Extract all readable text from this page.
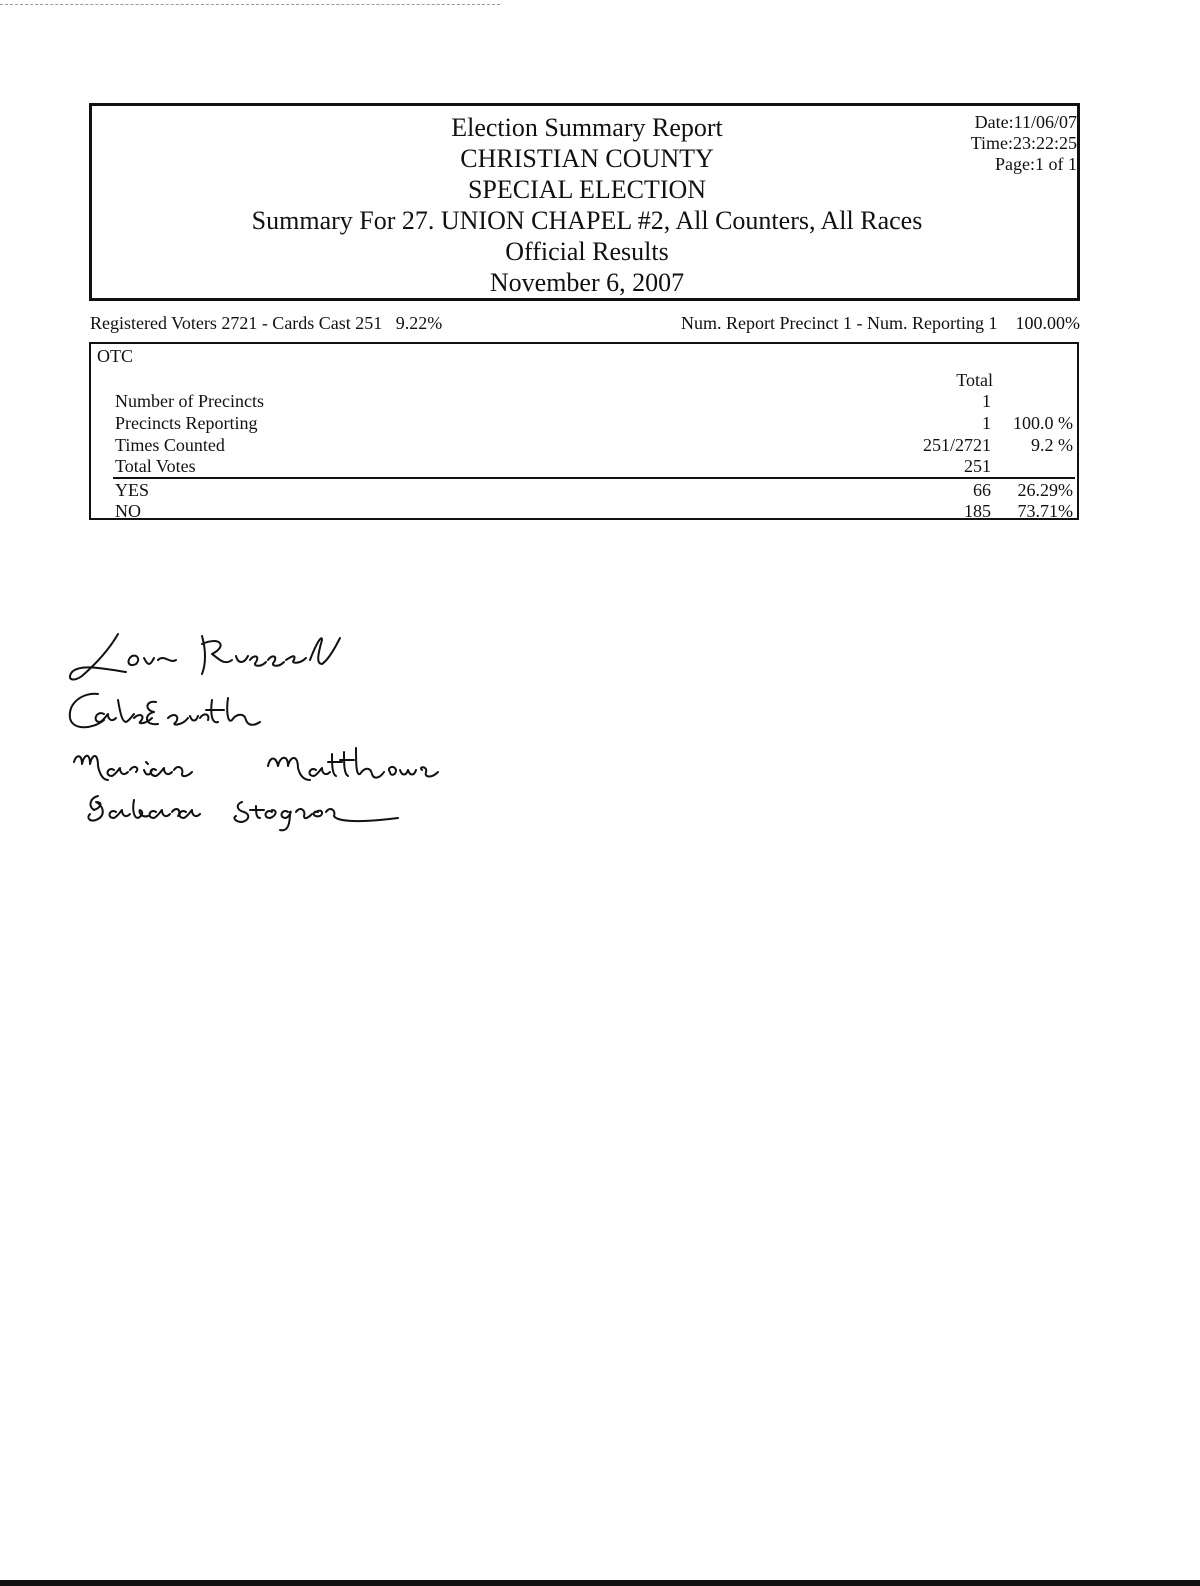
Election Summary Report
CHRISTIAN COUNTY
SPECIAL ELECTION
Summary For 27. UNION CHAPEL #2, All Counters, All Races
Official Results
November 6, 2007
Date:11/06/07
Time:23:22:25
Page:1 of 1
Registered Voters 2721 - Cards Cast 251   9.22%	Num. Report Precinct 1 - Num. Reporting 1    100.00%
OTC
Total
Number of Precincts	1
Precincts Reporting	1 100.0 %
Times Counted	251/2721 9.2 %
Total Votes	251
YES	66 26.29%
NO	185 73.71%
